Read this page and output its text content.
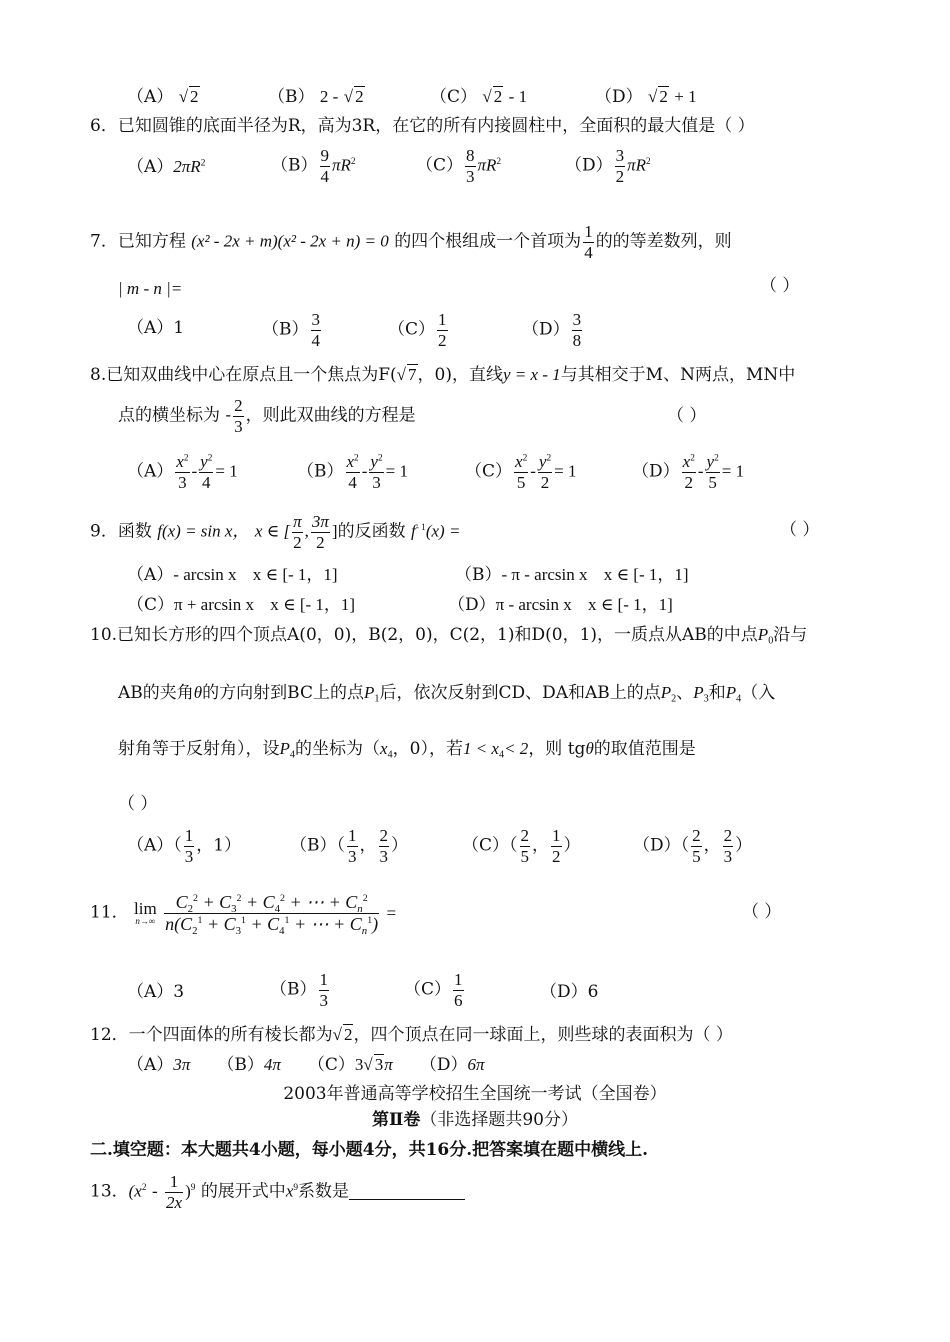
（A） √ 2	（B） 2 - √ 2	（C） √ 2 - 1	（D） √ 2 + 1
6．已知圆锥的底面半径为R，高为3R，在它的所有内接圆柱中，全面积的最大值是（ ）
$(A)2\pi R^2$	$(B) \frac{9}{4} \pi R^2$	$(C) \frac{8}{3} \pi R^2$	$(D) \frac{3}{2} \pi R^2$
7．已知方程 (x² - 2x + m)(x² - 2x + n) = 0 的四个根组成一个首项为 $\frac{1}{4}$ 的的等差数列，则
| m - n |=	（ ）
（A）1	$(B) \frac{3}{4}$	$(C) \frac{1}{2}$	$(D) \frac{3}{8}$
8.已知双曲线中心在原点且一个焦点为F(√ 7，0)，直线y = x - 1与其相交于M、N两点，MN中
点的横坐标为 - $\frac{2}{3}$ ，则此双曲线的方程是	（ ）
$(A) \frac{x^2}{3} - \frac{y^2}{4} = 1$	$(B) \frac{x^2}{4} - \frac{y^2}{3} = 1$	$(C) \frac{x^2}{5} - \frac{y^2}{2} = 1$	$(D) \frac{x^2}{2} - \frac{y^2}{5} = 1$
9．函数 f(x) = sin x， x ∈ [ $\frac{\pi}{2}$ , $\frac{3\pi}{2}$ ]的反函数 $f^{- 1}(x)$ =	（ ）
（A）- arcsin x x ∈ [- 1，1]	（B）- π - arcsin x x ∈ [- 1，1]
（C）π + arcsin x x ∈ [- 1，1]	（D）π - arcsin x x ∈ [- 1，1]
10.已知长方形的四个顶点A(0，0)，B(2，0)，C(2，1)和D(0，1)，一质点从AB的中点$P_0$沿与
AB的夹角θ的方向射到BC上的点$P_1$后，依次反射到CD、DA和AB上的点$P_2$、$P_3$和$P_4$（入
射角等于反射角），设$P_4$的坐标为（$x_4$，0），若$1 < x_4< 2$，则 tgθ的取值范围是
（ ）
$(A)( \frac{1}{3}$ ，1）	$(B)( \frac{1}{3}$ ， $\frac{2}{3}$ ）	$(C)( \frac{2}{5}$ ， $\frac{1}{2}$ ）	$(D)( \frac{2}{5}$ ， $\frac{2}{3}$ ）
11． lim
n→∞
$\frac{C_2^2 + C_3^2 + C_4^2 + \cdots + C_n^2}{n(C_2^1 + C_3^1 + C_4^1 + \cdots + C_n^1)}$ =	（ ）
（A）3	$(B) \frac{1}{3}$	$(C) \frac{1}{6}$	（D）6
12．一个四面体的所有棱长都为√ 2，四个顶点在同一球面上，则些球的表面积为（ ）
（A）3π （B）4π （C）3√ 3π （D）6π
2003年普通高等学校招生全国统一考试（全国卷）
第Ⅱ卷（非选择题共90分）
二.填空题：本大题共4小题，每小题4分，共16分.把答案填在题中横线上.
13．$(x^2 - \frac{1}{2x} )^9$ 的展开式中$x^9$系数是
